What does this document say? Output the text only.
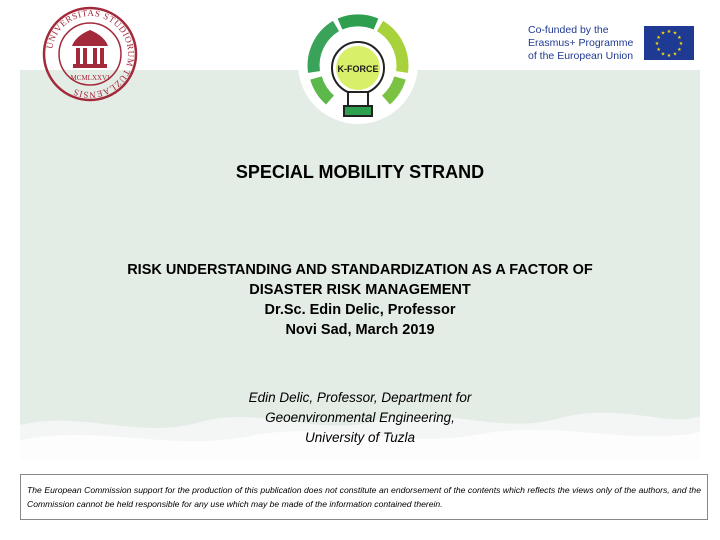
UNIVERSITAS STUDIORUM TUZLAENSIS
MCMLXXVI
K-FORCE
Co-funded by the
Erasmus+ Programme
of the European Union
★ ★
★
★
★
★
★
★
★
★
★
★
SPECIAL MOBILITY STRAND
RISK UNDERSTANDING AND STANDARDIZATION AS A FACTOR OF
DISASTER RISK MANAGEMENT
Dr.Sc. Edin Delic, Professor
Novi Sad, March 2019
Edin Delic, Professor, Department for
Geoenvironmental Engineering,
University of Tuzla
The European Commission support for the production of this publication does not constitute an endorsement of the contents which reflects the views only of the authors, and the Commission cannot be held responsible for any use which may be made of the information contained therein.
